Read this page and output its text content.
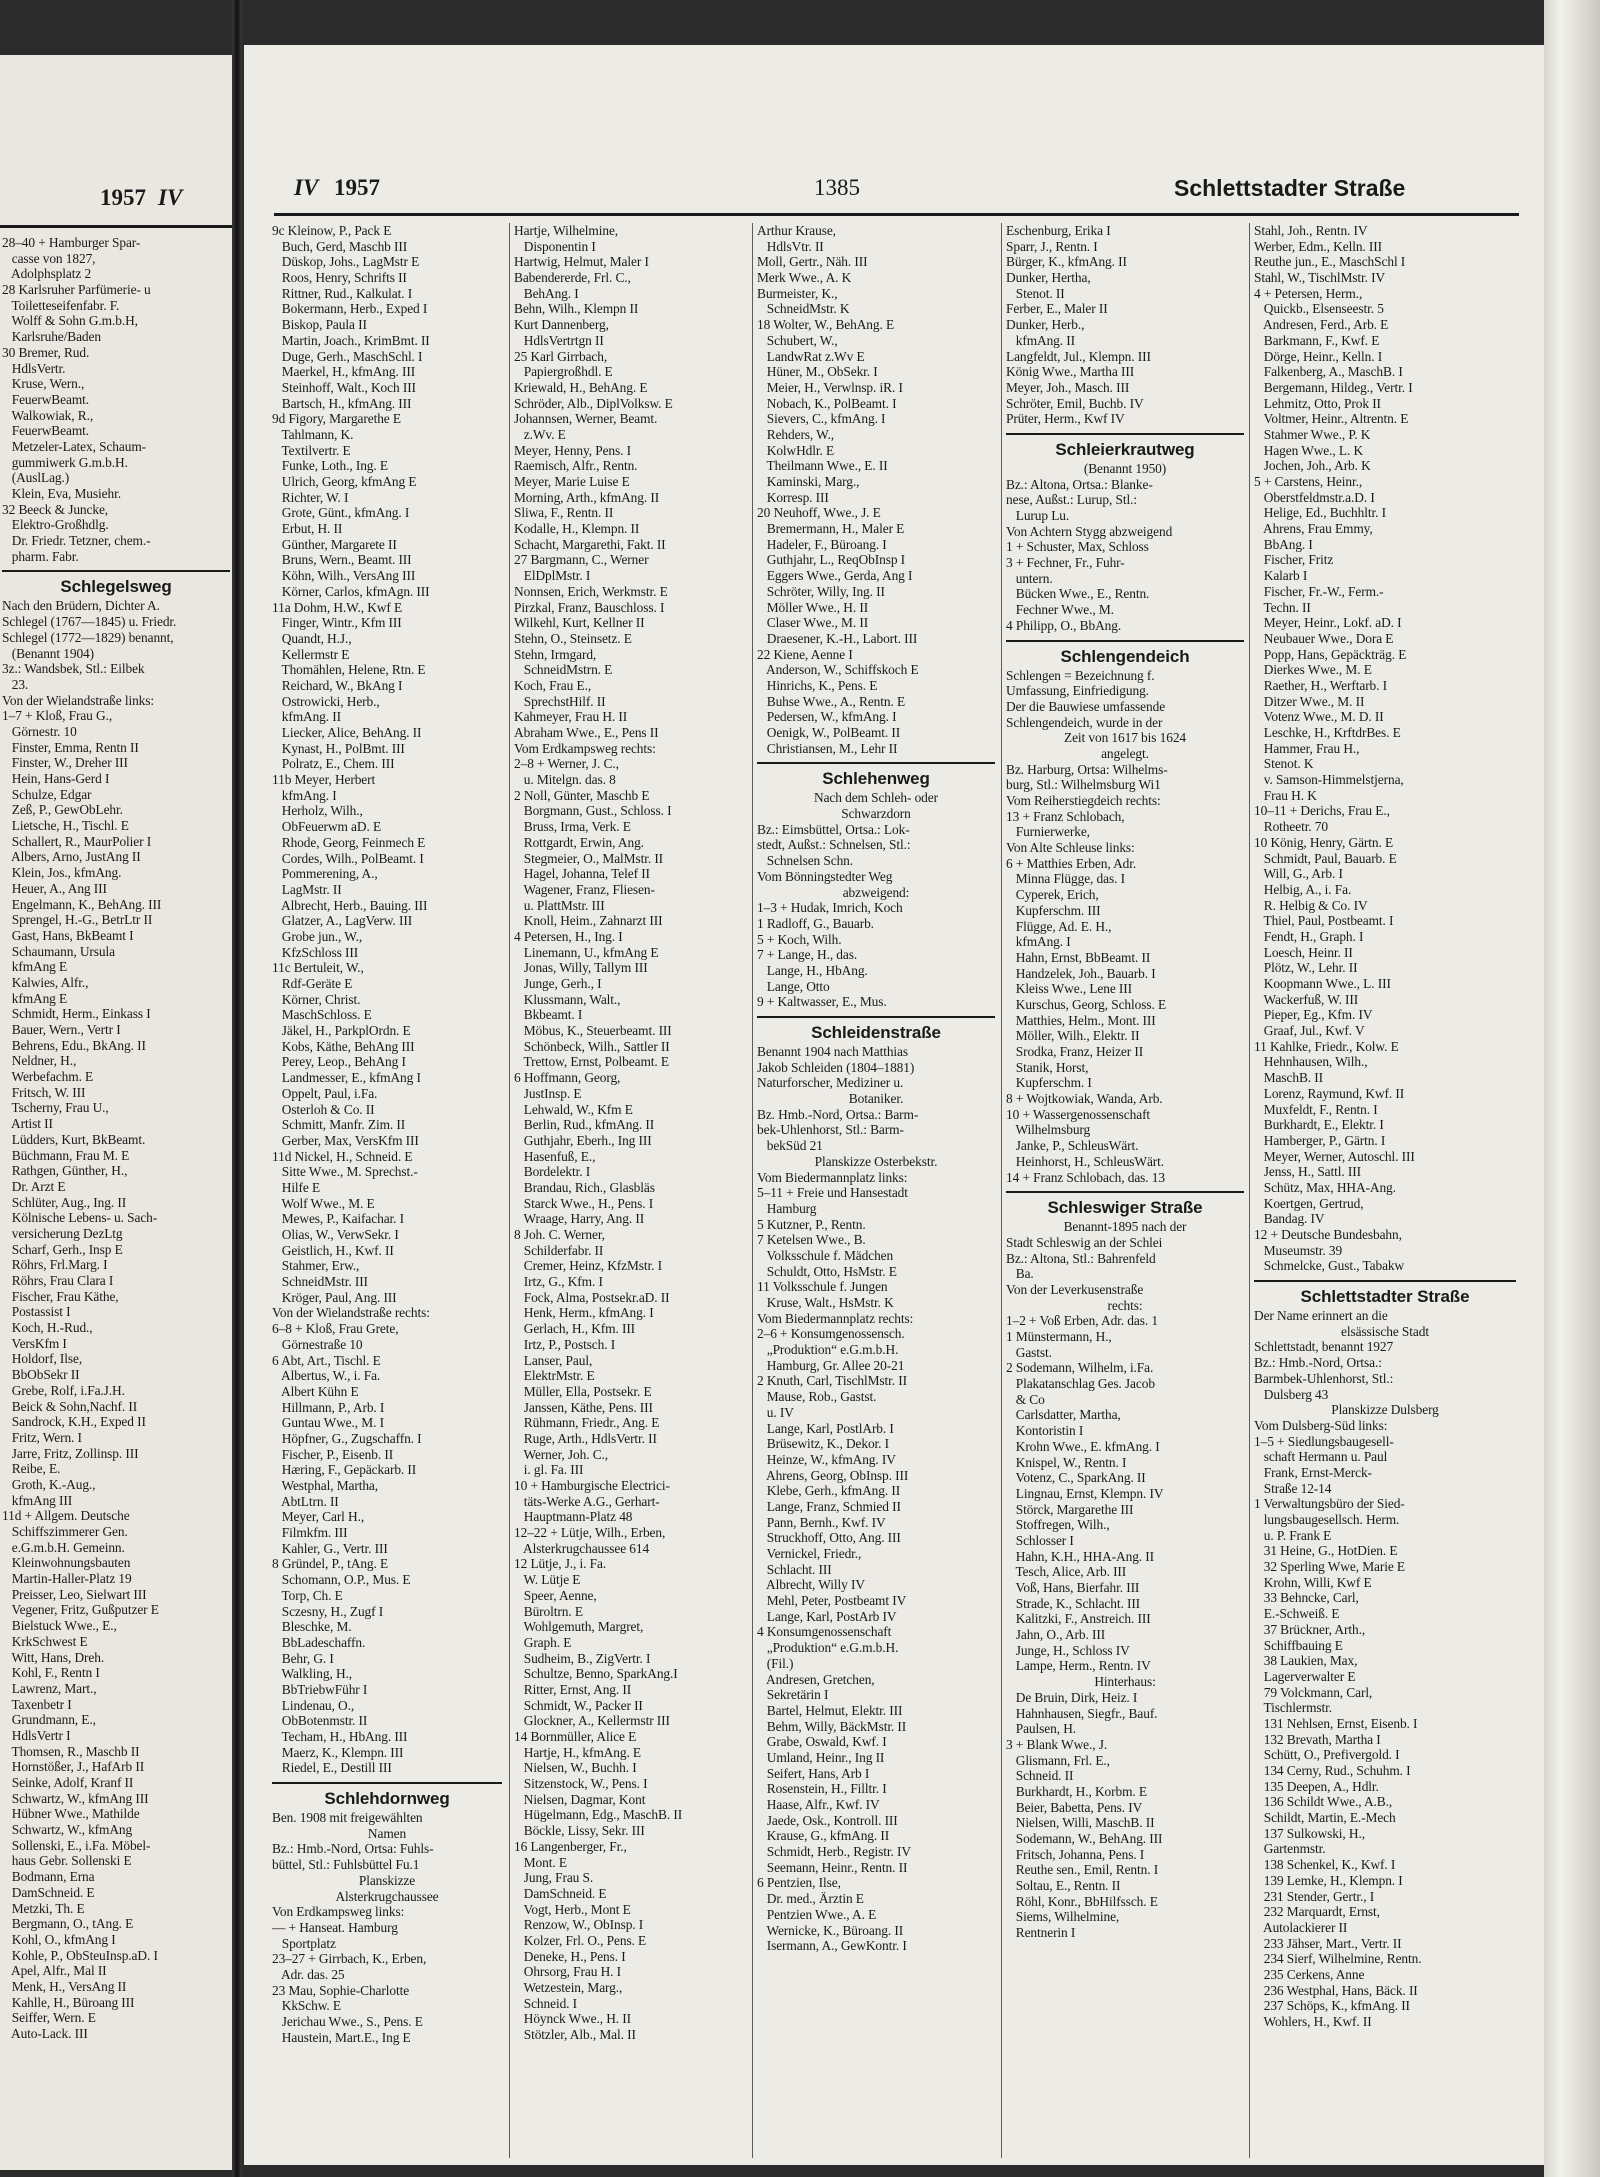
1957 IV
28–40 + Hamburger Spar-
casse von 1827,
Adolphsplatz 2
28 Karlsruher Parfümerie- u
Toiletteseifenfabr. F.
Wolff & Sohn G.m.b.H,
Karlsruhe/Baden
30 Bremer, Rud.
HdlsVertr.
Kruse, Wern.,
FeuerwBeamt.
Walkowiak, R.,
FeuerwBeamt.
Metzeler-Latex, Schaum-
gummiwerk G.m.b.H.
(AuslLag.)
Klein, Eva, Musiehr.
32 Beeck & Juncke,
Elektro-Großhdlg.
Dr. Friedr. Tetzner, chem.-
pharm. Fabr.
Schlegelsweg
Nach den Brüdern, Dichter A.
Schlegel (1767—1845) u. Friedr.
Schlegel (1772—1829) benannt,
(Benannt 1904)
3z.: Wandsbek, Stl.: Eilbek
23.
Von der Wielandstraße links:
1–7 + Kloß, Frau G.,
Görnestr. 10
Finster, Emma, Rentn II
Finster, W., Dreher III
Hein, Hans-Gerd I
Schulze, Edgar
Zeß, P., GewObLehr.
Lietsche, H., Tischl. E
Schallert, R., MaurPolier I
Albers, Arno, JustAng II
Klein, Jos., kfmAng.
Heuer, A., Ang III
Engelmann, K., BehAng. III
Sprengel, H.-G., BetrLtr II
Gast, Hans, BkBeamt I
Schaumann, Ursula
kfmAng E
Kalwies, Alfr.,
kfmAng E
Schmidt, Herm., Einkass I
Bauer, Wern., Vertr I
Behrens, Edu., BkAng. II
Neldner, H.,
Werbefachm. E
Fritsch, W. III
Tscherny, Frau U.,
Artist II
Lüdders, Kurt, BkBeamt.
Büchmann, Frau M. E
Rathgen, Günther, H.,
Dr. Arzt E
Schlüter, Aug., Ing. II
Kölnische Lebens- u. Sach-
versicherung DezLtg
Scharf, Gerh., Insp E
Röhrs, Frl.Marg. I
Röhrs, Frau Clara I
Fischer, Frau Käthe,
Postassist I
Koch, H.-Rud.,
VersKfm I
Holdorf, Ilse,
BbObSekr II
Grebe, Rolf, i.Fa.J.H.
Beick & Sohn,Nachf. II
Sandrock, K.H., Exped II
Fritz, Wern. I
Jarre, Fritz, Zollinsp. III
Reibe, E.
Groth, K.-Aug.,
kfmAng III
11d + Allgem. Deutsche
Schiffszimmerer Gen.
e.G.m.b.H. Gemeinn.
Kleinwohnungsbauten
Martin-Haller-Platz 19
Preisser, Leo, Sielwart III
Vegener, Fritz, Gußputzer E
Bielstuck Wwe., E.,
KrkSchwest E
Witt, Hans, Dreh.
Kohl, F., Rentn I
Lawrenz, Mart.,
Taxenbetr I
Grundmann, E.,
HdlsVertr I
Thomsen, R., Maschb II
Hornstößer, J., HafArb II
Seinke, Adolf, Kranf II
Schwartz, W., kfmAng III
Hübner Wwe., Mathilde
Schwartz, W., kfmAng
Sollenski, E., i.Fa. Möbel-
haus Gebr. Sollenski E
Bodmann, Erna
DamSchneid. E
Metzki, Th. E
Bergmann, O., tAng. E
Kohl, O., kfmAng I
Kohle, P., ObSteuInsp.aD. I
Apel, Alfr., Mal II
Menk, H., VersAng II
Kahlle, H., Büroang III
Seiffer, Wern. E
Auto-Lack. III
IV 1957	1385	Schlettstadter Straße
9c Kleinow, P., Pack E
Buch, Gerd, Maschb III
Düskop, Johs., LagMstr E
Roos, Henry, Schrifts II
Rittner, Rud., Kalkulat. I
Bokermann, Herb., Exped I
Biskop, Paula II
Martin, Joach., KrimBmt. II
Duge, Gerh., MaschSchl. I
Maerkel, H., kfmAng. III
Steinhoff, Walt., Koch III
Bartsch, H., kfmAng. III
9d Figory, Margarethe E
Tahlmann, K.
Textilvertr. E
Funke, Loth., Ing. E
Ulrich, Georg, kfmAng E
Richter, W. I
Grote, Günt., kfmAng. I
Erbut, H. II
Günther, Margarete II
Bruns, Wern., Beamt. III
Köhn, Wilh., VersAng III
Körner, Carlos, kfmAgn. III
11a Dohm, H.W., Kwf E
Finger, Wintr., Kfm III
Quandt, H.J.,
Kellermstr E
Thomählen, Helene, Rtn. E
Reichard, W., BkAng I
Ostrowicki, Herb.,
kfmAng. II
Liecker, Alice, BehAng. II
Kynast, H., PolBmt. III
Polratz, E., Chem. III
11b Meyer, Herbert
kfmAng. I
Herholz, Wilh.,
ObFeuerwm aD. E
Rhode, Georg, Feinmech E
Cordes, Wilh., PolBeamt. I
Pommerening, A.,
LagMstr. II
Albrecht, Herb., Bauing. III
Glatzer, A., LagVerw. III
Grobe jun., W.,
KfzSchloss III
11c Bertuleit, W.,
Rdf-Geräte E
Körner, Christ.
MaschSchloss. E
Jäkel, H., ParkplOrdn. E
Kobs, Käthe, BehAng III
Perey, Leop., BehAng I
Landmesser, E., kfmAng I
Oppelt, Paul, i.Fa.
Osterloh & Co. II
Schmitt, Manfr. Zim. II
Gerber, Max, VersKfm III
11d Nickel, H., Schneid. E
Sitte Wwe., M. Sprechst.-
Hilfe E
Wolf Wwe., M. E
Mewes, P., Kaifachar. I
Olias, W., VerwSekr. I
Geistlich, H., Kwf. II
Stahmer, Erw.,
SchneidMstr. III
Kröger, Paul, Ang. III
Von der Wielandstraße rechts:
6–8 + Kloß, Frau Grete,
Görnestraße 10
6 Abt, Art., Tischl. E
Albertus, W., i. Fa.
Albert Kühn E
Hillmann, P., Arb. I
Guntau Wwe., M. I
Höpfner, G., Zugschaffn. I
Fischer, P., Eisenb. II
Hæring, F., Gepäckarb. II
Westphal, Martha,
AbtLtrn. II
Meyer, Carl H.,
Filmkfm. III
Kahler, G., Vertr. III
8 Gründel, P., tAng. E
Schomann, O.P., Mus. E
Torp, Ch. E
Sczesny, H., Zugf I
Bleschke, M.
BbLadeschaffn.
Behr, G. I
Walkling, H.,
BbTriebwFühr I
Lindenau, O.,
ObBotenmstr. II
Techam, H., HbAng. III
Maerz, K., Klempn. III
Riedel, E., Destill III
Schlehdornweg
Ben. 1908 mit freigewählten
Namen
Bz.: Hmb.-Nord, Ortsa: Fuhls-
büttel, Stl.: Fuhlsbüttel Fu.1
Planskizze
Alsterkrugchaussee
Von Erdkampsweg links:
— + Hanseat. Hamburg
Sportplatz
23–27 + Girrbach, K., Erben,
Adr. das. 25
23 Mau, Sophie-Charlotte
KkSchw. E
Jerichau Wwe., S., Pens. E
Haustein, Mart.E., Ing E
Hartje, Wilhelmine,
Disponentin I
Hartwig, Helmut, Maler I
Babendererde, Frl. C.,
BehAng. I
Behn, Wilh., Klempn II
Kurt Dannenberg,
HdlsVertrtgn II
25 Karl Girrbach,
Papiergroßhdl. E
Kriewald, H., BehAng. E
Schröder, Alb., DiplVolksw. E
Johannsen, Werner, Beamt.
z.Wv. E
Meyer, Henny, Pens. I
Raemisch, Alfr., Rentn.
Meyer, Marie Luise E
Morning, Arth., kfmAng. II
Sliwa, F., Rentn. II
Kodalle, H., Klempn. II
Schacht, Margarethi, Fakt. II
27 Bargmann, C., Werner
ElDplMstr. I
Nonnsen, Erich, Werkmstr. E
Pirzkal, Franz, Bauschloss. I
Wilkehl, Kurt, Kellner II
Stehn, O., Steinsetz. E
Stehn, Irmgard,
SchneidMstrn. E
Koch, Frau E.,
SprechstHilf. II
Kahmeyer, Frau H. II
Abraham Wwe., E., Pens II
Vom Erdkampsweg rechts:
2–8 + Werner, J. C.,
u. Mitelgn. das. 8
2 Noll, Günter, Maschb E
Borgmann, Gust., Schloss. I
Bruss, Irma, Verk. E
Rottgardt, Erwin, Ang.
Stegmeier, O., MalMstr. II
Hagel, Johanna, Telef II
Wagener, Franz, Fliesen-
u. PlattMstr. III
Knoll, Heim., Zahnarzt III
4 Petersen, H., Ing. I
Linemann, U., kfmAng E
Jonas, Willy, Tallym III
Junge, Gerh., I
Klussmann, Walt.,
Bkbeamt. I
Möbus, K., Steuerbeamt. III
Schönbeck, Wilh., Sattler II
Trettow, Ernst, Polbeamt. E
6 Hoffmann, Georg,
JustInsp. E
Lehwald, W., Kfm E
Berlin, Rud., kfmAng. II
Guthjahr, Eberh., Ing III
Hasenfuß, E.,
Bordelektr. I
Brandau, Rich., Glasbläs
Starck Wwe., H., Pens. I
Wraage, Harry, Ang. II
8 Joh. C. Werner,
Schilderfabr. II
Cremer, Heinz, KfzMstr. I
Irtz, G., Kfm. I
Fock, Alma, Postsekr.aD. II
Henk, Herm., kfmAng. I
Gerlach, H., Kfm. III
Irtz, P., Postsch. I
Lanser, Paul,
ElektrMstr. E
Müller, Ella, Postsekr. E
Janssen, Käthe, Pens. III
Rühmann, Friedr., Ang. E
Ruge, Arth., HdlsVertr. II
Werner, Joh. C.,
i. gl. Fa. III
10 + Hamburgische Electrici-
täts-Werke A.G., Gerhart-
Hauptmann-Platz 48
12–22 + Lütje, Wilh., Erben,
Alsterkrugchaussee 614
12 Lütje, J., i. Fa.
W. Lütje E
Speer, Aenne,
Büroltrn. E
Wohlgemuth, Margret,
Graph. E
Sudheim, B., ZigVertr. I
Schultze, Benno, SparkAng.I
Ritter, Ernst, Ang. II
Schmidt, W., Packer II
Glockner, A., Kellermstr III
14 Bornmüller, Alice E
Hartje, H., kfmAng. E
Nielsen, W., Buchh. I
Sitzenstock, W., Pens. I
Nielsen, Dagmar, Kont
Hügelmann, Edg., MaschB. II
Böckle, Lissy, Sekr. III
16 Langenberger, Fr.,
Mont. E
Jung, Frau S.
DamSchneid. E
Vogt, Herb., Mont E
Renzow, W., ObInsp. I
Kolzer, Frl. O., Pens. E
Deneke, H., Pens. I
Ohrsorg, Frau H. I
Wetzestein, Marg.,
Schneid. I
Höynck Wwe., H. II
Stötzler, Alb., Mal. II
Arthur Krause,
HdlsVtr. II
Moll, Gertr., Näh. III
Merk Wwe., A. K
Burmeister, K.,
SchneidMstr. K
18 Wolter, W., BehAng. E
Schubert, W.,
LandwRat z.Wv E
Hüner, M., ObSekr. I
Meier, H., Verwlnsp. iR. I
Nobach, K., PolBeamt. I
Sievers, C., kfmAng. I
Rehders, W.,
KolwHdlr. E
Theilmann Wwe., E. II
Kaminski, Marg.,
Korresp. III
20 Neuhoff, Wwe., J. E
Bremermann, H., Maler E
Hadeler, F., Büroang. I
Guthjahr, L., ReqObInsp I
Eggers Wwe., Gerda, Ang I
Schröter, Willy, Ing. II
Möller Wwe., H. II
Claser Wwe., M. II
Draesener, K.-H., Labort. III
22 Kiene, Aenne I
Anderson, W., Schiffskoch E
Hinrichs, K., Pens. E
Buhse Wwe., A., Rentn. E
Pedersen, W., kfmAng. I
Oenigk, W., PolBeamt. II
Christiansen, M., Lehr II
Schlehenweg
Nach dem Schleh- oder
Schwarzdorn
Bz.: Eimsbüttel, Ortsa.: Lok-
stedt, Außst.: Schnelsen, Stl.:
Schnelsen Schn.
Vom Bönningstedter Weg
abzweigend:
1–3 + Hudak, Imrich, Koch
1 Radloff, G., Bauarb.
5 + Koch, Wilh.
7 + Lange, H., das.
Lange, H., HbAng.
Lange, Otto
9 + Kaltwasser, E., Mus.
Schleidenstraße
Benannt 1904 nach Matthias
Jakob Schleiden (1804–1881)
Naturforscher, Mediziner u.
Botaniker.
Bz. Hmb.-Nord, Ortsa.: Barm-
bek-Uhlenhorst, Stl.: Barm-
bekSüd 21
Planskizze Osterbekstr.
Vom Biedermannplatz links:
5–11 + Freie und Hansestadt
Hamburg
5 Kutzner, P., Rentn.
7 Ketelsen Wwe., B.
Volksschule f. Mädchen
Schuldt, Otto, HsMstr. E
11 Volksschule f. Jungen
Kruse, Walt., HsMstr. K
Vom Biedermannplatz rechts:
2–6 + Konsumgenossensch.
„Produktion“ e.G.m.b.H.
Hamburg, Gr. Allee 20-21
2 Knuth, Carl, TischlMstr. II
Mause, Rob., Gastst.
u. IV
Lange, Karl, PostlArb. I
Brüsewitz, K., Dekor. I
Heinze, W., kfmAng. IV
Ahrens, Georg, ObInsp. III
Klebe, Gerh., kfmAng. II
Lange, Franz, Schmied II
Pann, Bernh., Kwf. IV
Struckhoff, Otto, Ang. III
Vernickel, Friedr.,
Schlacht. III
Albrecht, Willy IV
Mehl, Peter, Postbeamt IV
Lange, Karl, PostArb IV
4 Konsumgenossenschaft
„Produktion“ e.G.m.b.H.
(Fil.)
Andresen, Gretchen,
Sekretärin I
Bartel, Helmut, Elektr. III
Behm, Willy, BäckMstr. II
Grabe, Oswald, Kwf. I
Umland, Heinr., Ing II
Seifert, Hans, Arb I
Rosenstein, H., Filltr. I
Haase, Alfr., Kwf. IV
Jaede, Osk., Kontroll. III
Krause, G., kfmAng. II
Schmidt, Herb., Registr. IV
Seemann, Heinr., Rentn. II
6 Pentzien, Ilse,
Dr. med., Ärztin E
Pentzien Wwe., A. E
Wernicke, K., Büroang. II
Isermann, A., GewKontr. I
Eschenburg, Erika I
Sparr, J., Rentn. I
Bürger, K., kfmAng. II
Dunker, Hertha,
Stenot. II
Ferber, E., Maler II
Dunker, Herb.,
kfmAng. II
Langfeldt, Jul., Klempn. III
König Wwe., Martha III
Meyer, Joh., Masch. III
Schröter, Emil, Buchb. IV
Prüter, Herm., Kwf IV
Schleierkrautweg
(Benannt 1950)
Bz.: Altona, Ortsa.: Blanke-
nese, Außst.: Lurup, Stl.:
Lurup Lu.
Von Achtern Stygg abzweigend
1 + Schuster, Max, Schloss
3 + Fechner, Fr., Fuhr-
untern.
Bücken Wwe., E., Rentn.
Fechner Wwe., M.
4 Philipp, O., BbAng.
Schlengendeich
Schlengen = Bezeichnung f.
Umfassung, Einfriedigung.
Der die Bauwiese umfassende
Schlengendeich, wurde in der
Zeit von 1617 bis 1624
angelegt.
Bz. Harburg, Ortsa: Wilhelms-
burg, Stl.: Wilhelmsburg Wi1
Vom Reiherstiegdeich rechts:
13 + Franz Schlobach,
Furnierwerke,
Von Alte Schleuse links:
6 + Matthies Erben, Adr.
Minna Flügge, das. I
Cyperek, Erich,
Kupferschm. III
Flügge, Ad. E. H.,
kfmAng. I
Hahn, Ernst, BbBeamt. II
Handzelek, Joh., Bauarb. I
Kleiss Wwe., Lene III
Kurschus, Georg, Schloss. E
Matthies, Helm., Mont. III
Möller, Wilh., Elektr. II
Srodka, Franz, Heizer II
Stanik, Horst,
Kupferschm. I
8 + Wojtkowiak, Wanda, Arb.
10 + Wassergenossenschaft
Wilhelmsburg
Janke, P., SchleusWärt.
Heinhorst, H., SchleusWärt.
14 + Franz Schlobach, das. 13
Schleswiger Straße
Benannt-1895 nach der
Stadt Schleswig an der Schlei
Bz.: Altona, Stl.: Bahrenfeld
Ba.
Von der Leverkusenstraße
rechts:
1–2 + Voß Erben, Adr. das. 1
1 Münstermann, H.,
Gastst.
2 Sodemann, Wilhelm, i.Fa.
Plakatanschlag Ges. Jacob
& Co
Carlsdatter, Martha,
Kontoristin I
Krohn Wwe., E. kfmAng. I
Knispel, W., Rentn. I
Votenz, C., SparkAng. II
Lingnau, Ernst, Klempn. IV
Störck, Margarethe III
Stoffregen, Wilh.,
Schlosser I
Hahn, K.H., HHA-Ang. II
Tesch, Alice, Arb. III
Voß, Hans, Bierfahr. III
Strade, K., Schlacht. III
Kalitzki, F., Anstreich. III
Jahn, O., Arb. III
Junge, H., Schloss IV
Lampe, Herm., Rentn. IV
Hinterhaus:
De Bruin, Dirk, Heiz. I
Hahnhausen, Siegfr., Bauf.
Paulsen, H.
3 + Blank Wwe., J.
Glismann, Frl. E.,
Schneid. II
Burkhardt, H., Korbm. E
Beier, Babetta, Pens. IV
Nielsen, Willi, MaschB. II
Sodemann, W., BehAng. III
Fritsch, Johanna, Pens. I
Reuthe sen., Emil, Rentn. I
Soltau, E., Rentn. II
Röhl, Konr., BbHilfssch. E
Siems, Wilhelmine,
Rentnerin I
Stahl, Joh., Rentn. IV
Werber, Edm., Kelln. III
Reuthe jun., E., MaschSchl I
Stahl, W., TischlMstr. IV
4 + Petersen, Herm.,
Quickb., Elsenseestr. 5
Andresen, Ferd., Arb. E
Barkmann, F., Kwf. E
Dörge, Heinr., Kelln. I
Falkenberg, A., MaschB. I
Bergemann, Hildeg., Vertr. I
Lehmitz, Otto, Prok II
Voltmer, Heinr., Altrentn. E
Stahmer Wwe., P. K
Hagen Wwe., L. K
Jochen, Joh., Arb. K
5 + Carstens, Heinr.,
Oberstfeldmstr.a.D. I
Helige, Ed., Buchhltr. I
Ahrens, Frau Emmy,
BbAng. I
Fischer, Fritz
Kalarb I
Fischer, Fr.-W., Ferm.-
Techn. II
Meyer, Heinr., Lokf. aD. I
Neubauer Wwe., Dora E
Popp, Hans, Gepäckträg. E
Dierkes Wwe., M. E
Raether, H., Werftarb. I
Ditzer Wwe., M. II
Votenz Wwe., M. D. II
Leschke, H., KrftdrBes. E
Hammer, Frau H.,
Stenot. K
v. Samson-Himmelstjerna,
Frau H. K
10–11 + Derichs, Frau E.,
Rotheetr. 70
10 König, Henry, Gärtn. E
Schmidt, Paul, Bauarb. E
Will, G., Arb. I
Helbig, A., i. Fa.
R. Helbig & Co. IV
Thiel, Paul, Postbeamt. I
Fendt, H., Graph. I
Loesch, Heinr. II
Plötz, W., Lehr. II
Koopmann Wwe., L. III
Wackerfuß, W. III
Pieper, Eg., Kfm. IV
Graaf, Jul., Kwf. V
11 Kahlke, Friedr., Kolw. E
Hehnhausen, Wilh.,
MaschB. II
Lorenz, Raymund, Kwf. II
Muxfeldt, F., Rentn. I
Burkhardt, E., Elektr. I
Hamberger, P., Gärtn. I
Meyer, Werner, Autoschl. III
Jenss, H., Sattl. III
Schütz, Max, HHA-Ang.
Koertgen, Gertrud,
Bandag. IV
12 + Deutsche Bundesbahn,
Museumstr. 39
Schmelcke, Gust., Tabakw
Schlettstadter Straße
Der Name erinnert an die
elsässische Stadt
Schlettstadt, benannt 1927
Bz.: Hmb.-Nord, Ortsa.:
Barmbek-Uhlenhorst, Stl.:
Dulsberg 43
Planskizze Dulsberg
Vom Dulsberg-Süd links:
1–5 + Siedlungsbaugesell-
schaft Hermann u. Paul
Frank, Ernst-Merck-
Straße 12-14
1 Verwaltungsbüro der Sied-
lungsbaugesellsch. Herm.
u. P. Frank E
31 Heine, G., HotDien. E
32 Sperling Wwe, Marie E
Krohn, Willi, Kwf E
33 Behncke, Carl,
E.-Schweiß. E
37 Brückner, Arth.,
Schiffbauing E
38 Laukien, Max,
Lagerverwalter E
79 Volckmann, Carl,
Tischlermstr.
131 Nehlsen, Ernst, Eisenb. I
132 Brevath, Martha I
Schütt, O., Prefivergold. I
134 Cerny, Rud., Schuhm. I
135 Deepen, A., Hdlr.
136 Schildt Wwe., A.B.,
Schildt, Martin, E.-Mech
137 Sulkowski, H.,
Gartenmstr.
138 Schenkel, K., Kwf. I
139 Lemke, H., Klempn. I
231 Stender, Gertr., I
232 Marquardt, Ernst,
Autolackierer II
233 Jähser, Mart., Vertr. II
234 Sierf, Wilhelmine, Rentn.
235 Cerkens, Anne
236 Westphal, Hans, Bäck. II
237 Schöps, K., kfmAng. II
Wohlers, H., Kwf. II
